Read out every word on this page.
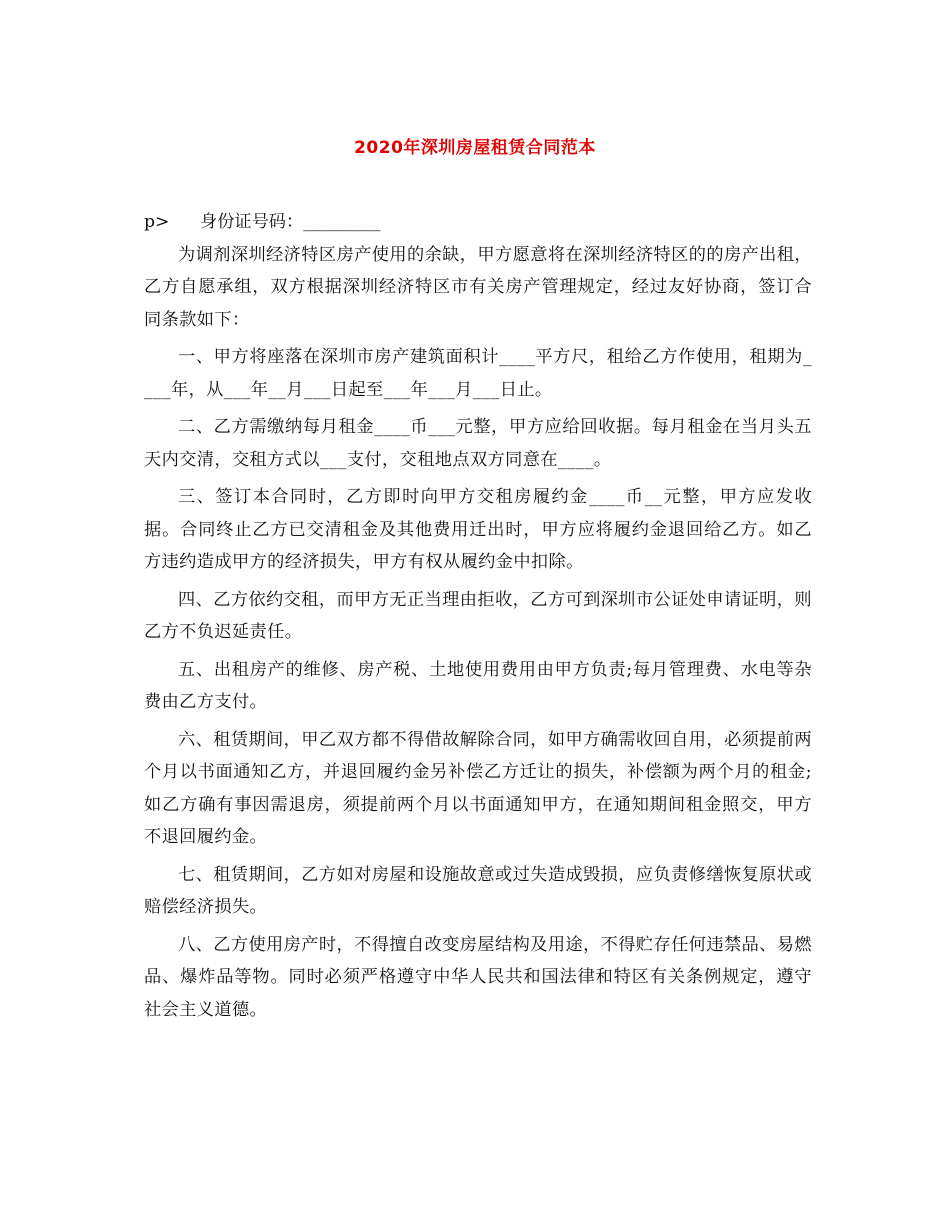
2020年深圳房屋租赁合同范本

p> 身份证号码：_________

为调剂深圳经济特区房产使用的余缺，甲方愿意将在深圳经济特区的的房产出租，乙方自愿承组，双方根据深圳经济特区市有关房产管理规定，经过友好协商，签订合同条款如下：

一、甲方将座落在深圳市房产建筑面积计____平方尺，租给乙方作使用，租期为____年，从___年__月___日起至___年___月___日止。

二、乙方需缴纳每月租金____币___元整，甲方应给回收据。每月租金在当月头五天内交清，交租方式以___支付，交租地点双方同意在____。

三、签订本合同时，乙方即时向甲方交租房履约金____币__元整，甲方应发收据。合同终止乙方已交清租金及其他费用迁出时，甲方应将履约金退回给乙方。如乙方违约造成甲方的经济损失，甲方有权从履约金中扣除。

四、乙方依约交租，而甲方无正当理由拒收，乙方可到深圳市公证处申请证明，则乙方不负迟延责任。

五、出租房产的维修、房产税、土地使用费用由甲方负责;每月管理费、水电等杂费由乙方支付。

六、租赁期间，甲乙双方都不得借故解除合同，如甲方确需收回自用，必须提前两个月以书面通知乙方，并退回履约金另补偿乙方迁让的损失，补偿额为两个月的租金;如乙方确有事因需退房，须提前两个月以书面通知甲方，在通知期间租金照交，甲方不退回履约金。

七、租赁期间，乙方如对房屋和设施故意或过失造成毁损，应负责修缮恢复原状或赔偿经济损失。

八、乙方使用房产时，不得擅自改变房屋结构及用途，不得贮存任何违禁品、易燃品、爆炸品等物。同时必须严格遵守中华人民共和国法律和特区有关条例规定，遵守社会主义道德。
